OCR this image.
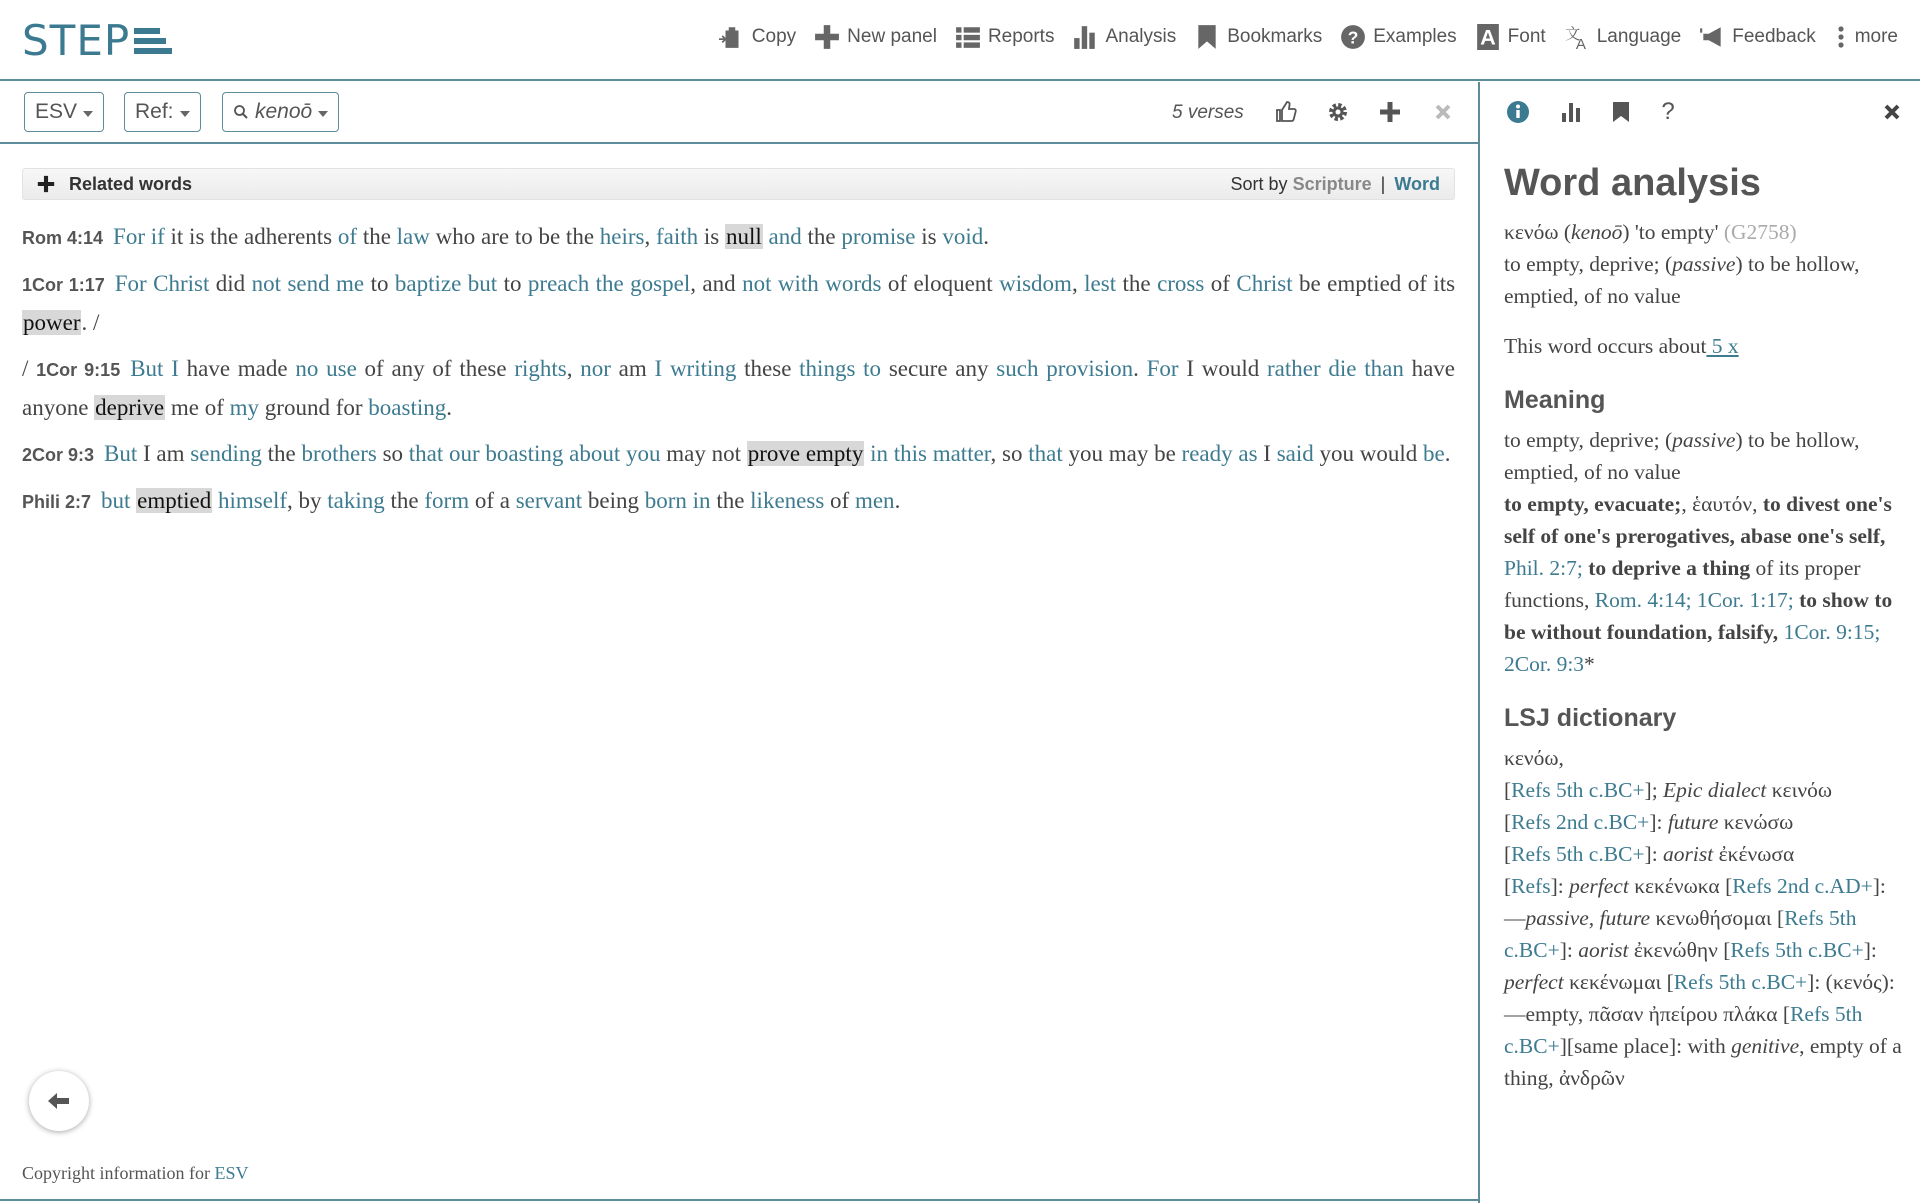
STEP	Copy	New panel	Reports	Analysis	Bookmarks ? Examples A Font 文
A Language	Feedback more
ESV	Ref:	kenoō	5 verses
Related words	Sort by Scripture | Word
Rom 4:14 For if it is the adherents of the law who are to be the heirs, faith is null and the promise is void.
1Cor 1:17 For Christ did not send me to baptize but to preach the gospel, and not with words of eloquent wisdom, lest the cross of Christ be emptied of its power. /
/ 1Cor 9:15 But I have made no use of any of these rights, nor am I writing these things to secure any such provision. For I would rather die than have anyone deprive me of my ground for boasting.
2Cor 9:3 But I am sending the brothers so that our boasting about you may not prove empty in this matter, so that you may be ready as I said you would be.
Phili 2:7 but emptied himself, by taking the form of a servant being born in the likeness of men.
Copyright information for ESV
?
Word analysis
κενόω (kenoō) 'to empty' (G2758)
to empty, deprive; (passive) to be hollow, emptied, of no value
This word occurs about 5 x
Meaning
to empty, deprive; (passive) to be hollow, emptied, of no value
to empty, evacuate;, ἑαυτόν, to divest one's self of one's prerogatives, abase one's self, Phil. 2:7; to deprive a thing of its proper functions, Rom. 4:14; 1Cor. 1:17; to show to be without foundation, falsify, 1Cor. 9:15; 2Cor. 9:3*
LSJ dictionary
κενόω,
[Refs 5th c.BC+]; Epic dialect κεινόω
[Refs 2nd c.BC+]: future κενώσω
[Refs 5th c.BC+]: aorist ἐκένωσα
[Refs]: perfect κεκένωκα [Refs 2nd c.AD+]:—passive, future κενωθήσομαι [Refs 5th c.BC+]: aorist ἐκενώθην [Refs 5th c.BC+]: perfect κεκένωμαι [Refs 5th c.BC+]: (κενός): —empty, πᾶσαν ἠπείρου πλάκα [Refs 5th c.BC+][same place]: with genitive, empty of a thing, ἀνδρῶν
